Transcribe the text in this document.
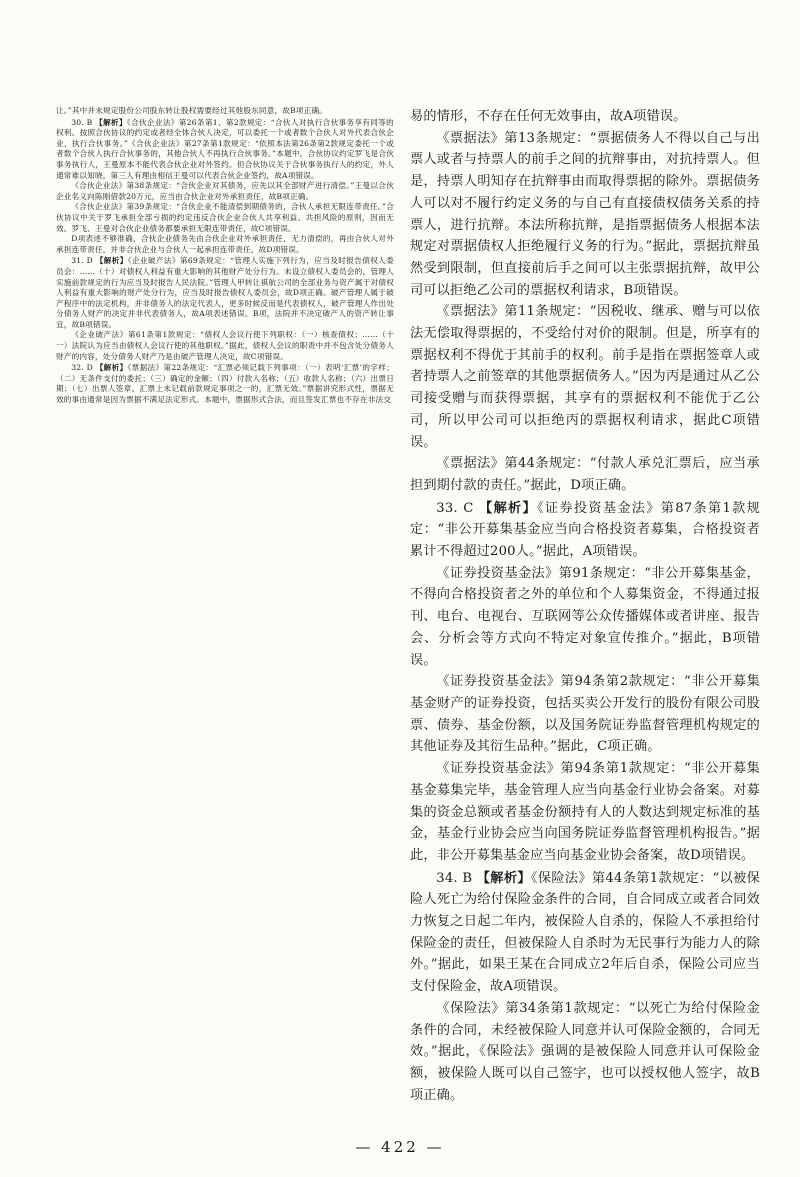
让。”其中并未规定股份公司股东转让股权需要经过其他股东同意，故B项正确。

30. B 【解析】《合伙企业法》第26条第1、第2款规定：“合伙人对执行合伙事务享有同等的权利。按照合伙协议的约定或者经全体合伙人决定，可以委托一个或者数个合伙人对外代表合伙企业，执行合伙事务。”《合伙企业法》第27条第1款规定：“依照本法第26条第2款规定委托一个或者数个合伙人执行合伙事务的，其他合伙人不再执行合伙事务。”本题中，合伙协议约定罗飞是合伙事务执行人，王曼原本不能代表合伙企业对外签约。但合伙协议关于合伙事务执行人的约定，外人通常难以知晓，第三人有理由相信王曼可以代表合伙企业签约，故A项错误。

《合伙企业法》第38条规定：“合伙企业对其债务，应先以其全部财产进行清偿。”王曼以合伙企业名义向陈刚借款20万元，应当由合伙企业对外承担责任，故B项正确。

《合伙企业法》第39条规定：“合伙企业不能清偿到期债务的，合伙人承担无限连带责任。”合伙协议中关于罗飞承担全部亏损的约定违反合伙企业合伙人共享利益、共担风险的原则，因而无效。罗飞、王曼对合伙企业债务都要承担无限连带责任，故C项错误。

D项表述不够准确，合伙企业债务先由合伙企业对外承担责任，无力清偿的，再由合伙人对外承担连带责任，并非合伙企业与合伙人一起承担连带责任，故D项错误。

31. D 【解析】《企业破产法》第69条规定：“管理人实施下列行为，应当及时报告债权人委员会：……（十）对债权人利益有重大影响的其他财产处分行为。未设立债权人委员会的，管理人实施前款规定的行为应当及时报告人民法院。”管理人甲转让祺航公司的全部业务与资产属于对债权人利益有重大影响的财产处分行为，应当及时报告债权人委员会，故D项正确。破产管理人属于破产程序中的法定机构，并非债务人的法定代表人，更多时候反而是代表债权人，破产管理人作出处分债务人财产的决定并非代表债务人，故A项表述错误。B项，法院并不决定破产人的资产转让事宜，故B项错误。

《企业破产法》第61条第1款规定：“债权人会议行使下列职权：（一）核查债权；……（十一）法院认为应当由债权人会议行使的其他职权。”据此，债权人会议的职责中并不包含处分债务人财产的内容，处分债务人财产乃是由破产管理人决定，故C项错误。

32. D 【解析】《票据法》第22条规定：“汇票必须记载下列事项：（一）表明‘汇票’的字样；（二）无条件支付的委托；（三）确定的金额；（四）付款人名称；（五）收款人名称；（六）出票日期；（七）出票人签章。汇票上未记载前款规定事项之一的，汇票无效。”票据讲究形式性，票据无效的事由通常是因为票据不满足法定形式。本题中，票据形式合法，而且签发汇票也不存在非法交

易的情形，不存在任何无效事由，故A项错误。

《票据法》第13条规定：“票据债务人不得以自己与出票人或者与持票人的前手之间的抗辩事由，对抗持票人。但是，持票人明知存在抗辩事由而取得票据的除外。票据债务人可以对不履行约定义务的与自己有直接债权债务关系的持票人，进行抗辩。本法所称抗辩，是指票据债务人根据本法规定对票据债权人拒绝履行义务的行为。”据此，票据抗辩虽然受到限制，但直接前后手之间可以主张票据抗辩，故甲公司可以拒绝乙公司的票据权利请求，B项错误。

《票据法》第11条规定：“因税收、继承、赠与可以依法无偿取得票据的，不受给付对价的限制。但是，所享有的票据权利不得优于其前手的权利。前手是指在票据签章人或者持票人之前签章的其他票据债务人。”因为丙是通过从乙公司接受赠与而获得票据，其享有的票据权利不能优于乙公司，所以甲公司可以拒绝丙的票据权利请求，据此C项错误。

《票据法》第44条规定：“付款人承兑汇票后，应当承担到期付款的责任。”据此，D项正确。

33. C 【解析】《证券投资基金法》第87条第1款规定：“非公开募集基金应当向合格投资者募集，合格投资者累计不得超过200人。”据此，A项错误。

《证券投资基金法》第91条规定：“非公开募集基金，不得向合格投资者之外的单位和个人募集资金，不得通过报刊、电台、电视台、互联网等公众传播媒体或者讲座、报告会、分析会等方式向不特定对象宣传推介。”据此，B项错误。

《证券投资基金法》第94条第2款规定：“非公开募集基金财产的证券投资，包括买卖公开发行的股份有限公司股票、债券、基金份额，以及国务院证券监督管理机构规定的其他证券及其衍生品种。”据此，C项正确。

《证券投资基金法》第94条第1款规定：“非公开募集基金募集完毕，基金管理人应当向基金行业协会备案。对募集的资金总额或者基金份额持有人的人数达到规定标准的基金，基金行业协会应当向国务院证券监督管理机构报告。”据此，非公开募集基金应当向基金业协会备案，故D项错误。

34. B 【解析】《保险法》第44条第1款规定：“以被保险人死亡为给付保险金条件的合同，自合同成立或者合同效力恢复之日起二年内，被保险人自杀的，保险人不承担给付保险金的责任，但被保险人自杀时为无民事行为能力人的除外。”据此，如果王某在合同成立2年后自杀，保险公司应当支付保险金，故A项错误。

《保险法》第34条第1款规定：“以死亡为给付保险金条件的合同，未经被保险人同意并认可保险金额的，合同无效。”据此，《保险法》强调的是被保险人同意并认可保险金额，被保险人既可以自己签字，也可以授权他人签字，故B项正确。

— 422 —
